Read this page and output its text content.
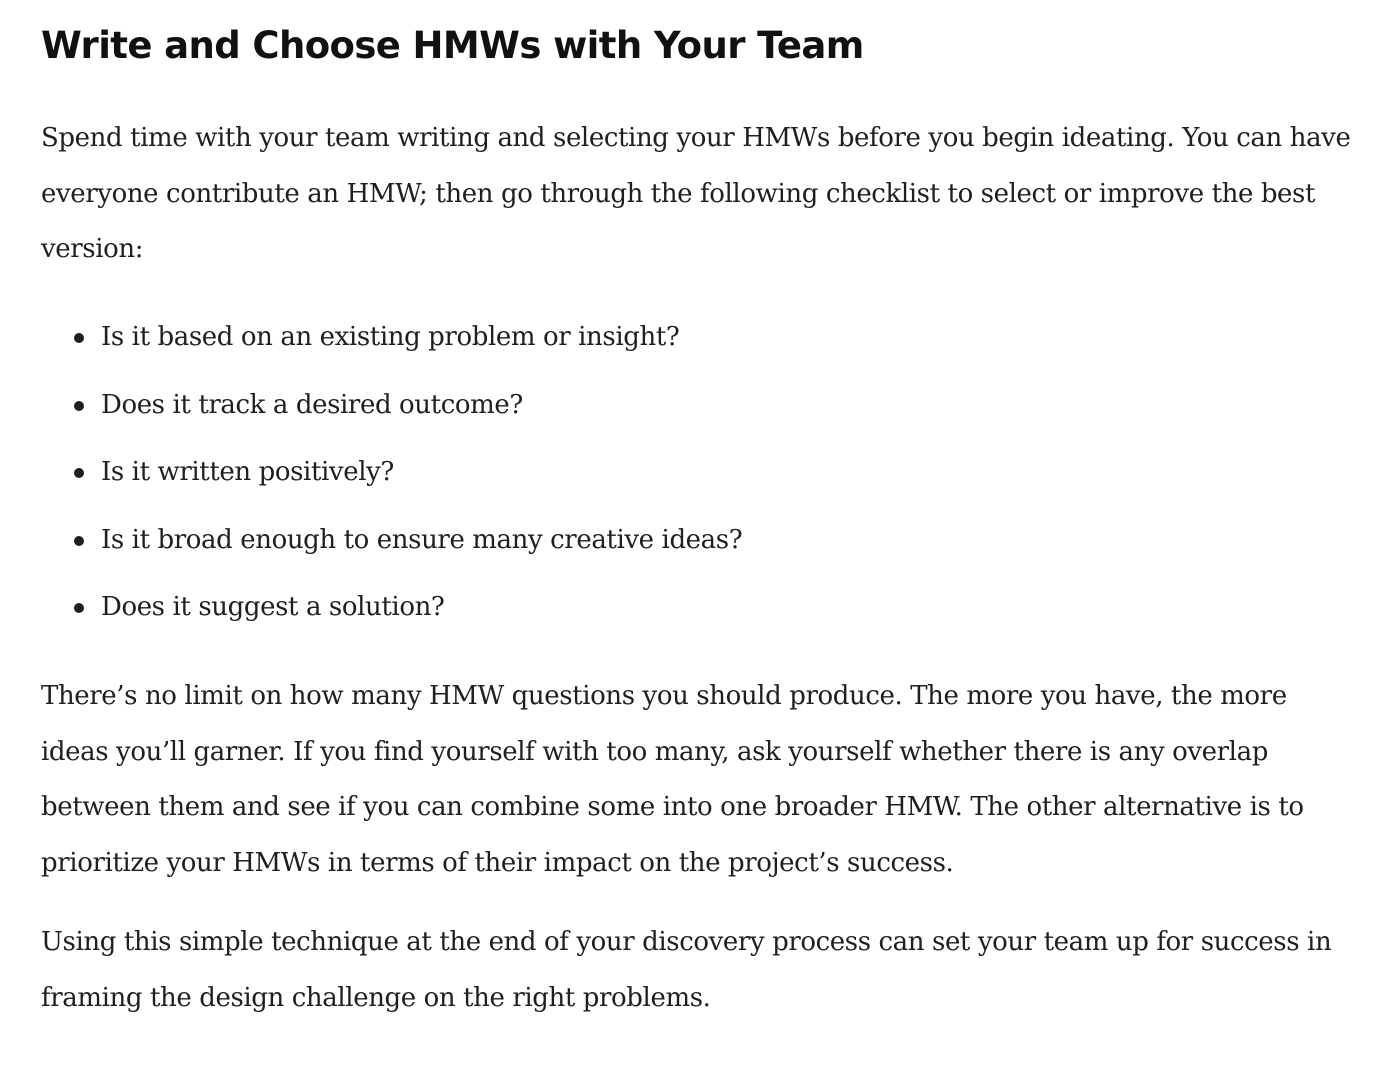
Write and Choose HMWs with Your Team

Spend time with your team writing and selecting your HMWs before you begin ideating. You can have everyone contribute an HMW; then go through the following checklist to select or improve the best version:

Is it based on an existing problem or insight?
Does it track a desired outcome?
Is it written positively?
Is it broad enough to ensure many creative ideas?
Does it suggest a solution?

There’s no limit on how many HMW questions you should produce. The more you have, the more ideas you’ll garner. If you find yourself with too many, ask yourself whether there is any overlap between them and see if you can combine some into one broader HMW. The other alternative is to prioritize your HMWs in terms of their impact on the project’s success.

Using this simple technique at the end of your discovery process can set your team up for success in framing the design challenge on the right problems.
